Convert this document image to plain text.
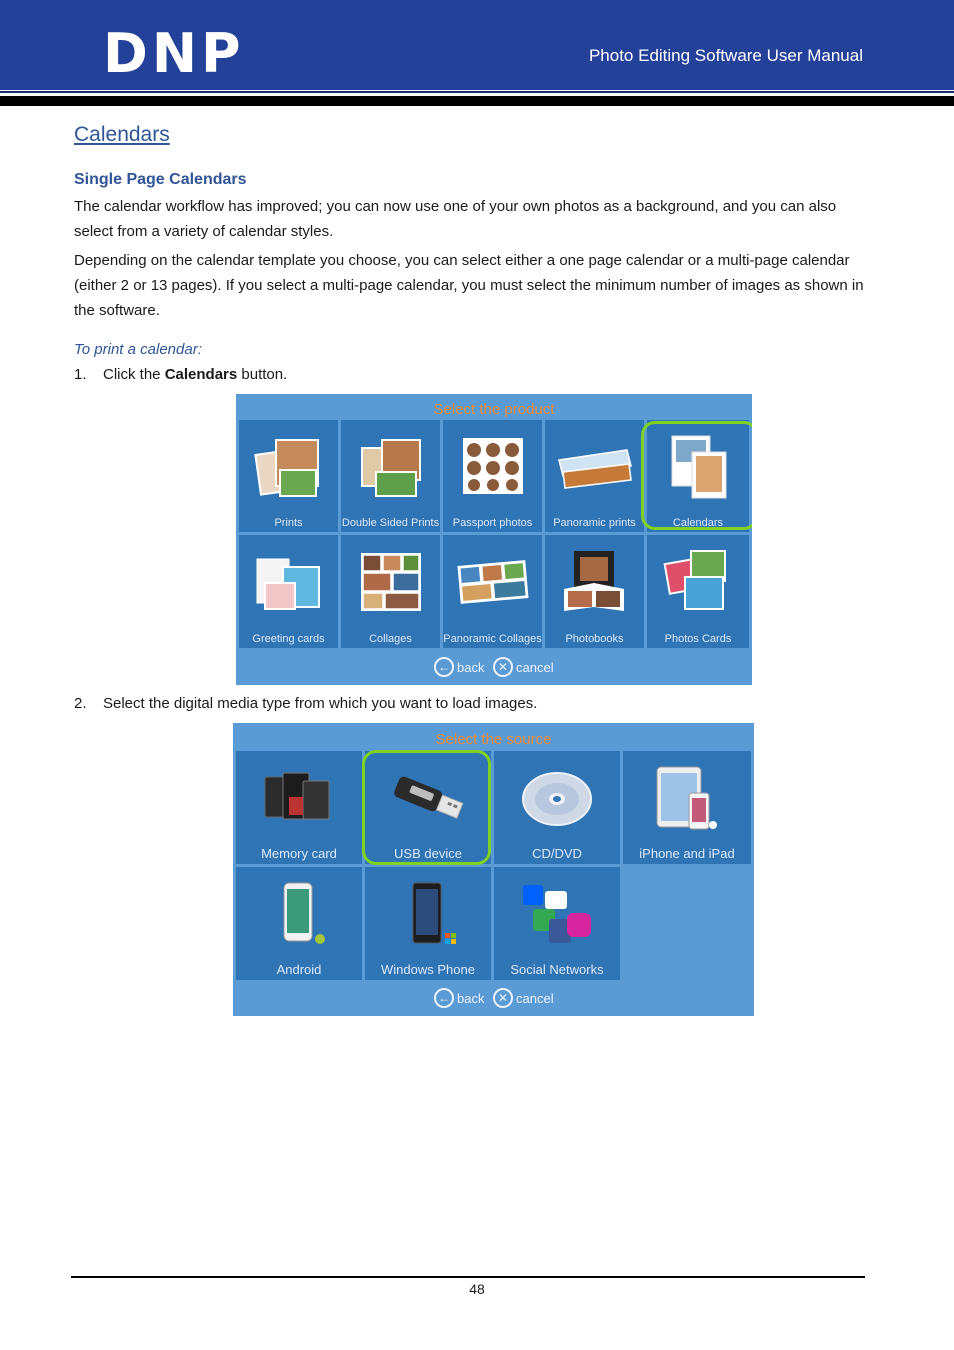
DNP	Photo Editing Software User Manual
Calendars
Single Page Calendars
The calendar workflow has improved; you can now use one of your own photos as a background, and you can also select from a variety of calendar styles.
Depending on the calendar template you choose, you can select either a one page calendar or a multi-page calendar (either 2 or 13 pages). If you select a multi-page calendar, you must select the minimum number of images as shown in the software.
To print a calendar:
1. Click the Calendars button.
Select the product
Prints	Double Sided Prints	Passport photos	Panoramic prints	Calendars
Greeting cards	Collages	Panoramic Collages	Photobooks	Photos Cards
← back	✕ cancel
2. Select the digital media type from which you want to load images.
Select the source
Memory card	USB device	CD/DVD	iPhone and iPad
Android	Windows Phone	Social Networks
← back	✕ cancel
48
